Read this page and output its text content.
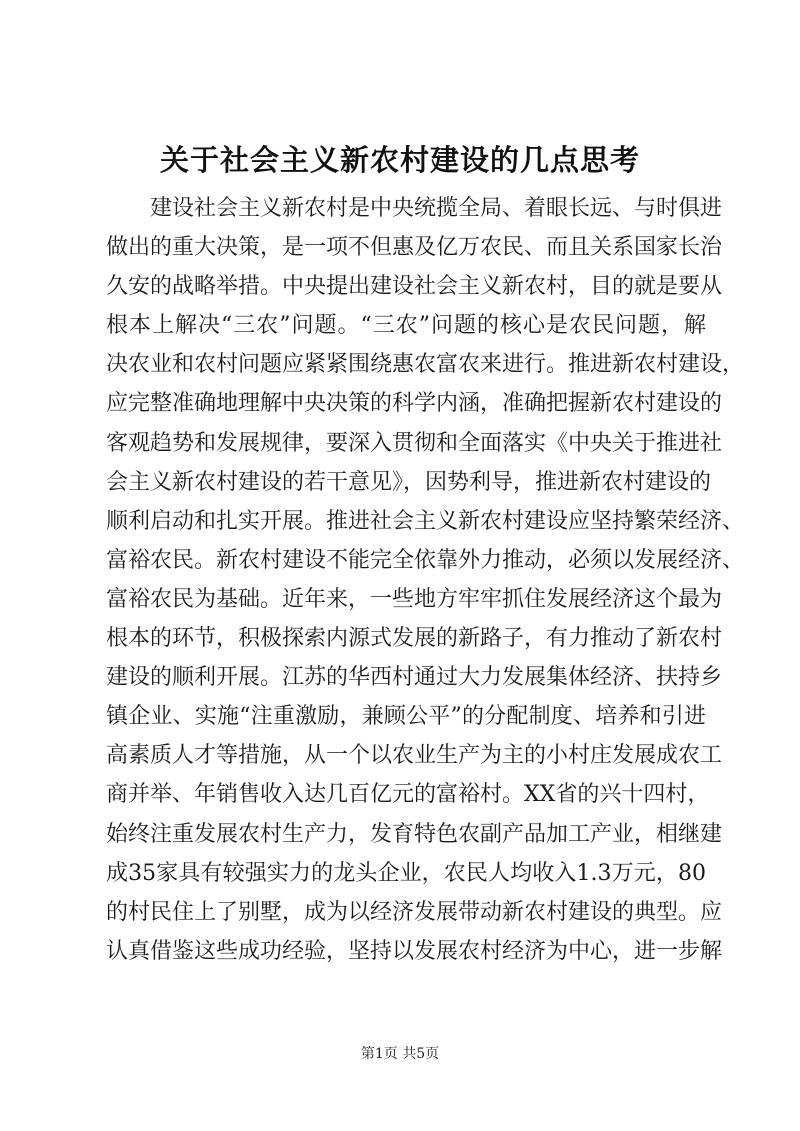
关于社会主义新农村建设的几点思考
建设社会主义新农村是中央统揽全局、着眼长远、与时俱进
做出的重大决策，是一项不但惠及亿万农民、而且关系国家长治
久安的战略举措。中央提出建设社会主义新农村，目的就是要从
根本上解决“三农”问题。“三农”问题的核心是农民问题，解
决农业和农村问题应紧紧围绕惠农富农来进行。推进新农村建设，
应完整准确地理解中央决策的科学内涵，准确把握新农村建设的
客观趋势和发展规律，要深入贯彻和全面落实《中央关于推进社
会主义新农村建设的若干意见》，因势利导，推进新农村建设的
顺利启动和扎实开展。推进社会主义新农村建设应坚持繁荣经济、
富裕农民。新农村建设不能完全依靠外力推动，必须以发展经济、
富裕农民为基础。近年来，一些地方牢牢抓住发展经济这个最为
根本的环节，积极探索内源式发展的新路子，有力推动了新农村
建设的顺利开展。江苏的华西村通过大力发展集体经济、扶持乡
镇企业、实施“注重激励，兼顾公平”的分配制度、培养和引进
高素质人才等措施，从一个以农业生产为主的小村庄发展成农工
商并举、年销售收入达几百亿元的富裕村。XX省的兴十四村，
始终注重发展农村生产力，发育特色农副产品加工产业，相继建
成35家具有较强实力的龙头企业，农民人均收入1.3万元，80
的村民住上了别墅，成为以经济发展带动新农村建设的典型。应
认真借鉴这些成功经验，坚持以发展农村经济为中心，进一步解
第1页 共5页
